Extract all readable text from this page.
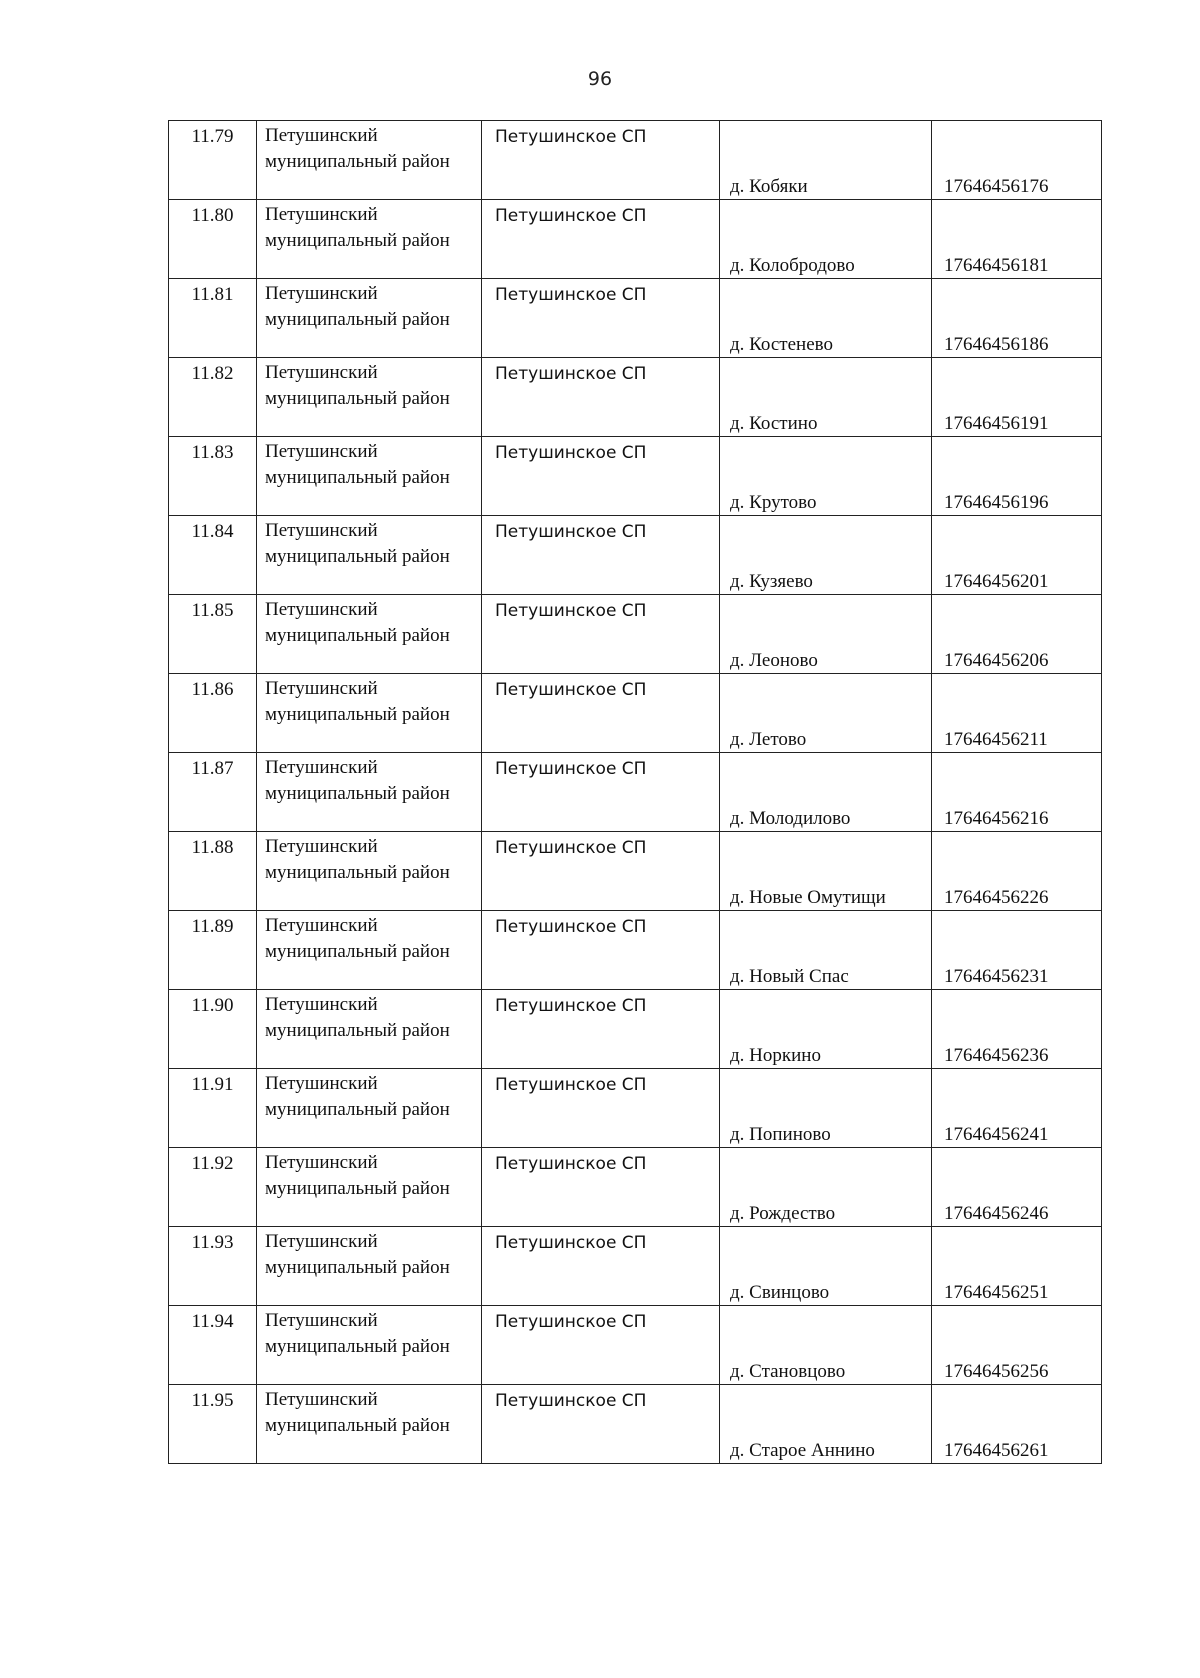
96
11.79	Петушинский муниципальный район	Петушинское СП	д. Кобяки	17646456176
11.80	Петушинский муниципальный район	Петушинское СП	д. Колобродово	17646456181
11.81	Петушинский муниципальный район	Петушинское СП	д. Костенево	17646456186
11.82	Петушинский муниципальный район	Петушинское СП	д. Костино	17646456191
11.83	Петушинский муниципальный район	Петушинское СП	д. Крутово	17646456196
11.84	Петушинский муниципальный район	Петушинское СП	д. Кузяево	17646456201
11.85	Петушинский муниципальный район	Петушинское СП	д. Леоново	17646456206
11.86	Петушинский муниципальный район	Петушинское СП	д. Летово	17646456211
11.87	Петушинский муниципальный район	Петушинское СП	д. Молодилово	17646456216
11.88	Петушинский муниципальный район	Петушинское СП	д. Новые Омутищи	17646456226
11.89	Петушинский муниципальный район	Петушинское СП	д. Новый Спас	17646456231
11.90	Петушинский муниципальный район	Петушинское СП	д. Норкино	17646456236
11.91	Петушинский муниципальный район	Петушинское СП	д. Попиново	17646456241
11.92	Петушинский муниципальный район	Петушинское СП	д. Рождество	17646456246
11.93	Петушинский муниципальный район	Петушинское СП	д. Свинцово	17646456251
11.94	Петушинский муниципальный район	Петушинское СП	д. Становцово	17646456256
11.95	Петушинский муниципальный район	Петушинское СП	д. Старое Аннино	17646456261
